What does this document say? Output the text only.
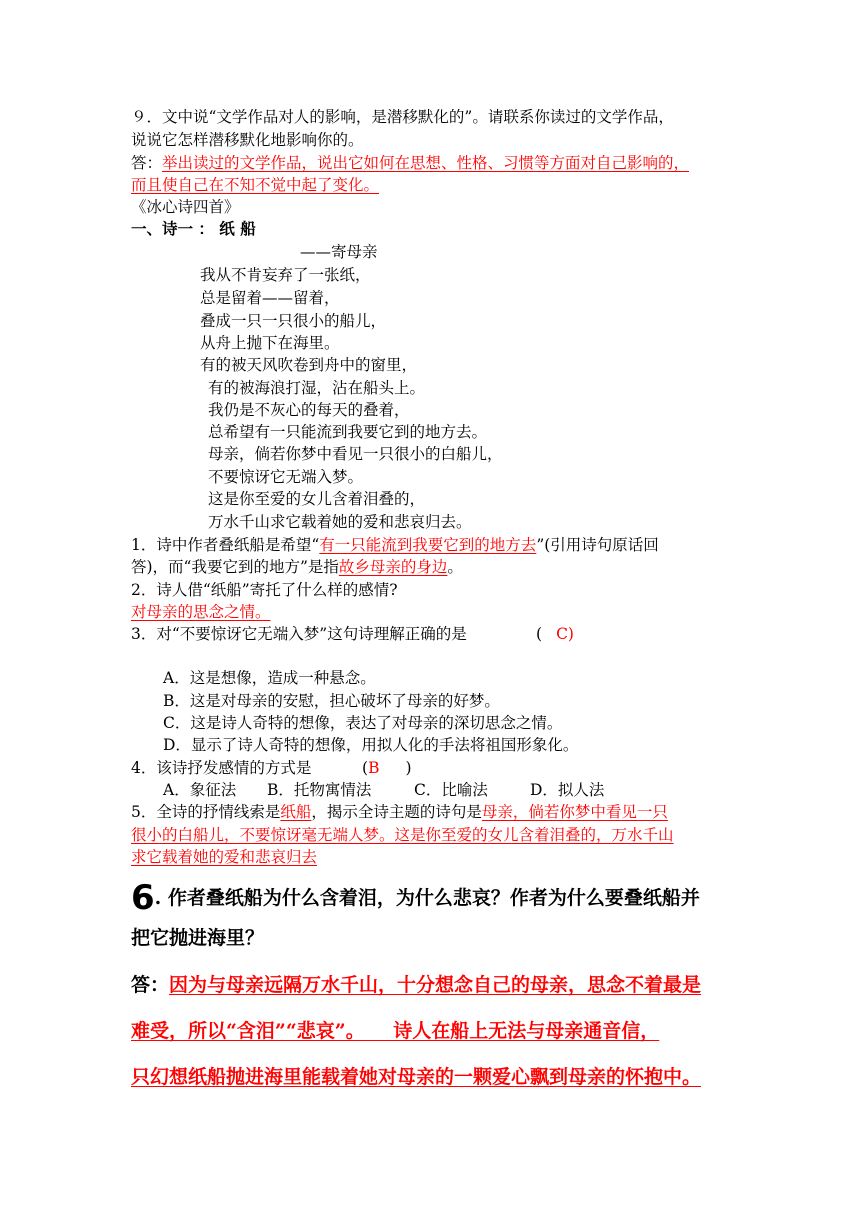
９．文中说“文学作品对人的影响，是潜移默化的”。请联系你读过的文学作品，
说说它怎样潜移默化地影响你的。
答：举出读过的文学作品，说出它如何在思想、性格、习惯等方面对自己影响的，
而且使自己在不知不觉中起了变化。
《冰心诗四首》
一、诗一 ： 纸 船
——寄母亲
我从不肯妄弃了一张纸，
总是留着——留着，
叠成一只一只很小的船儿，
从舟上抛下在海里。
有的被天风吹卷到舟中的窗里，
有的被海浪打湿，沾在船头上。
我仍是不灰心的每天的叠着，
总希望有一只能流到我要它到的地方去。
母亲，倘若你梦中看见一只很小的白船儿，
不要惊讶它无端入梦。
这是你至爱的女儿含着泪叠的，
万水千山求它载着她的爱和悲哀归去。
1．诗中作者叠纸船是希望“有一只能流到我要它到的地方去”(引用诗句原话回
答)，而“我要它到的地方”是指故乡母亲的身边。
2．诗人借“纸船”寄托了什么样的感情?
对母亲的思念之情。
3．对“不要惊讶它无端入梦”这句诗理解正确的是	( C)
A．这是想像，造成一种悬念。
B．这是对母亲的安慰，担心破坏了母亲的好梦。
C．这是诗人奇特的想像，表达了对母亲的深切思念之情。
D．显示了诗人奇特的想像，用拟人化的手法将祖国形象化。
4．该诗抒发感情的方式是	(B )
A．象征法 B．托物寓情法	C．比喻法	D．拟人法
5．全诗的抒情线索是纸船，揭示全诗主题的诗句是母亲，倘若你梦中看见一只
很小的白船儿，不要惊讶毫无端人梦。这是你至爱的女儿含着泪叠的，万水千山
求它载着她的爱和悲哀归去
6. 作者叠纸船为什么含着泪，为什么悲哀？作者为什么要叠纸船并
把它抛进海里？
答：因为与母亲远隔万水千山，十分想念自己的母亲，思念不着最是
难受，所以“含泪”“悲哀”。　　诗人在船上无法与母亲通音信，
只幻想纸船抛进海里能载着她对母亲的一颗爱心飘到母亲的怀抱中。
